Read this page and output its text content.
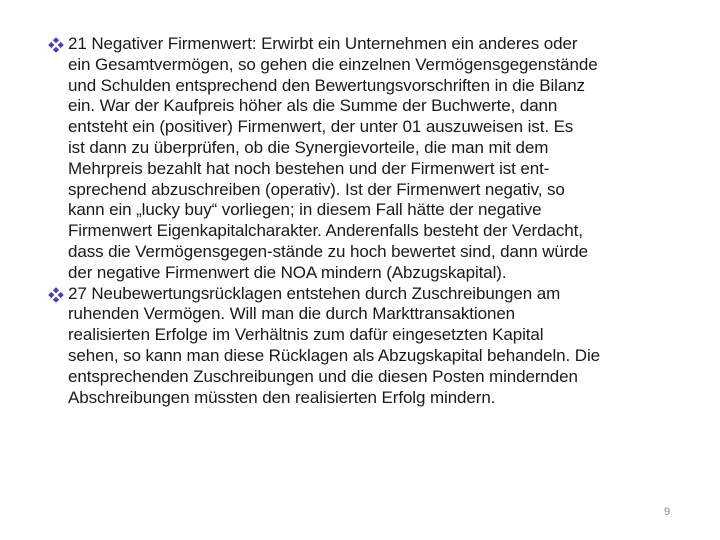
21 Negativer Firmenwert: Erwirbt ein Unternehmen ein anderes oder
ein Gesamtvermögen, so gehen die einzelnen Vermögensgegenstände
und Schulden entsprechend den Bewertungsvorschriften in die Bilanz
ein. War der Kaufpreis höher als die Summe der Buchwerte, dann
entsteht ein (positiver) Firmenwert, der unter 01 auszuweisen ist. Es
ist dann zu überprüfen, ob die Synergievorteile, die man mit dem
Mehrpreis bezahlt hat noch bestehen und der Firmenwert ist ent-
sprechend abzuschreiben (operativ). Ist der Firmenwert negativ, so
kann ein „lucky buy“ vorliegen; in diesem Fall hätte der negative
Firmenwert Eigenkapitalcharakter. Anderenfalls besteht der Verdacht,
dass die Vermögensgegen-stände zu hoch bewertet sind, dann würde
der negative Firmenwert die NOA mindern (Abzugskapital).
27 Neubewertungsrücklagen entstehen durch Zuschreibungen am
ruhenden Vermögen. Will man die durch Markttransaktionen
realisierten Erfolge im Verhältnis zum dafür eingesetzten Kapital
sehen, so kann man diese Rücklagen als Abzugskapital behandeln. Die
entsprechenden Zuschreibungen und die diesen Posten mindernden
Abschreibungen müssten den realisierten Erfolg mindern.
9
